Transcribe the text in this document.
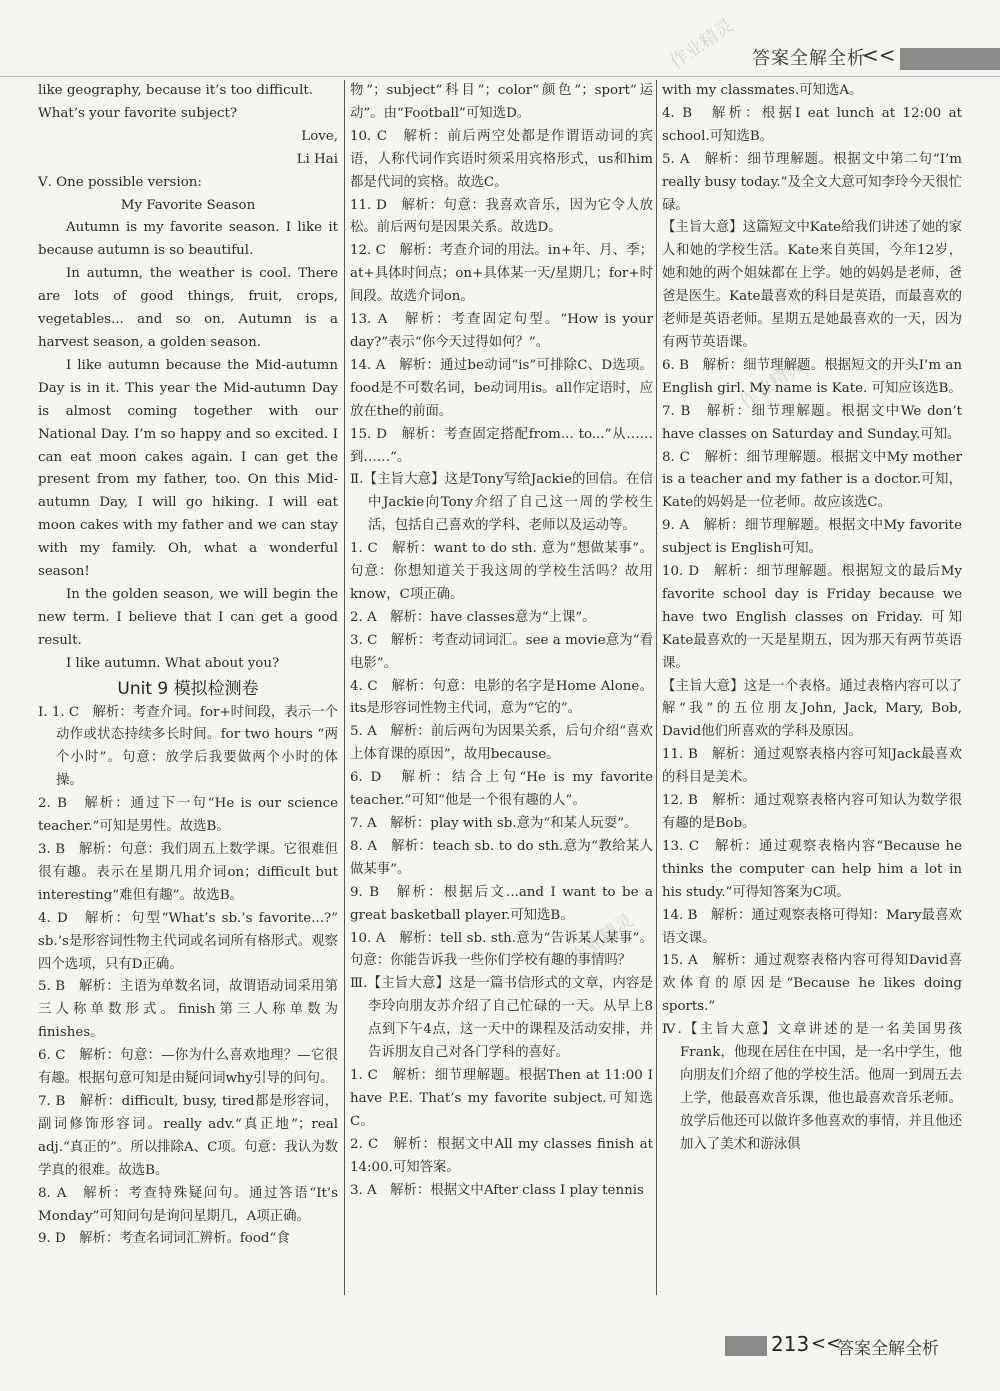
答案全解全析
<<
作业精灵
作业精灵
作业精灵

like geography, because it’s too difficult.

What’s your favorite subject?

Love,

Li Hai

Ⅴ. One possible version:

My Favorite Season

Autumn is my favorite season. I like it because autumn is so beautiful.

In autumn, the weather is cool. There are lots of good things, fruit, crops, vegetables... and so on. Autumn is a harvest season, a golden season.

I like autumn because the Mid-autumn Day is in it. This year the Mid-autumn Day is almost coming together with our National Day. I’m so happy and so excited. I can eat moon cakes again. I can get the present from my father, too. On this Mid-autumn Day, I will go hiking. I will eat moon cakes with my father and we can stay with my family. Oh, what a wonderful season!

In the golden season, we will begin the new term. I believe that I can get a good result.

I like autumn. What about you?

Unit 9 模拟检测卷

Ⅰ. 1. C　解析：考查介词。for+时间段，表示一个动作或状态持续多长时间。for two hours “两个小时”。句意：放学后我要做两个小时的体操。

2. B　解析：通过下一句“He is our science teacher.”可知是男性。故选B。

3. B　解析：句意：我们周五上数学课。它很难但很有趣。表示在星期几用介词on；difficult but interesting“难但有趣”。故选B。

4. D　解析：句型“What’s sb.’s favorite...?” sb.’s是形容词性物主代词或名词所有格形式。观察四个选项，只有D正确。

5. B　解析：主语为单数名词，故谓语动词采用第三人称单数形式。finish第三人称单数为finishes。

6. C　解析：句意：—你为什么喜欢地理？—它很有趣。根据句意可知是由疑问词why引导的问句。

7. B　解析：difficult, busy, tired都是形容词，副词修饰形容词。really adv.“真正地”；real adj.“真正的”。所以排除A、C项。句意：我认为数学真的很难。故选B。

8. A　解析：考查特殊疑问句。通过答语“It’s Monday”可知问句是询问星期几，A项正确。

9. D　解析：考查名词词汇辨析。food“食

物”；subject“科目”；color“颜色”；sport“运动”。由“Football”可知选D。

10. C　解析：前后两空处都是作谓语动词的宾语，人称代词作宾语时须采用宾格形式，us和him都是代词的宾格。故选C。

11. D　解析：句意：我喜欢音乐，因为它令人放松。前后两句是因果关系。故选D。

12. C　解析：考查介词的用法。in+年、月、季；at+具体时间点；on+具体某一天/星期几；for+时间段。故选介词on。

13. A　解析：考查固定句型。“How is your day?”表示“你今天过得如何？”。

14. A　解析：通过be动词“is”可排除C、D选项。food是不可数名词，be动词用is。all作定语时，应放在the的前面。

15. D　解析：考查固定搭配from... to...“从……到……”。

Ⅱ.【主旨大意】这是Tony写给Jackie的回信。在信中Jackie向Tony介绍了自己这一周的学校生活，包括自己喜欢的学科、老师以及运动等。

1. C　解析：want to do sth. 意为“想做某事”。句意：你想知道关于我这周的学校生活吗？故用know，C项正确。

2. A　解析：have classes意为“上课”。

3. C　解析：考查动词词汇。see a movie意为“看电影”。

4. C　解析：句意：电影的名字是Home Alone。its是形容词性物主代词，意为“它的”。

5. A　解析：前后两句为因果关系，后句介绍“喜欢上体育课的原因”，故用because。

6. D　解析：结合上句“He is my favorite teacher.”可知“他是一个很有趣的人”。

7. A　解析：play with sb.意为“和某人玩耍”。

8. A　解析：teach sb. to do sth.意为“教给某人做某事”。

9. B　解析：根据后文...and I want to be a great basketball player.可知选B。

10. A　解析：tell sb. sth.意为“告诉某人某事”。句意：你能告诉我一些你们学校有趣的事情吗？

Ⅲ.【主旨大意】这是一篇书信形式的文章，内容是李玲向朋友苏介绍了自己忙碌的一天。从早上8点到下午4点，这一天中的课程及活动安排，并告诉朋友自己对各门学科的喜好。

1. C　解析：细节理解题。根据Then at 11:00 I have P.E. That’s my favorite subject.可知选C。

2. C　解析：根据文中All my classes finish at 14:00.可知答案。

3. A　解析：根据文中After class I play tennis

with my classmates.可知选A。

4. B　解析：根据I eat lunch at 12:00 at school.可知选B。

5. A　解析：细节理解题。根据文中第二句“I’m really busy today.”及全文大意可知李玲今天很忙碌。

【主旨大意】这篇短文中Kate给我们讲述了她的家人和她的学校生活。Kate来自英国，今年12岁，她和她的两个姐妹都在上学。她的妈妈是老师，爸爸是医生。Kate最喜欢的科目是英语，而最喜欢的老师是英语老师。星期五是她最喜欢的一天，因为有两节英语课。

6. B　解析：细节理解题。根据短文的开头I’m an English girl. My name is Kate. 可知应该选B。

7. B　解析：细节理解题。根据文中We don’t have classes on Saturday and Sunday.可知。

8. C　解析：细节理解题。根据文中My mother is a teacher and my father is a doctor.可知，Kate的妈妈是一位老师。故应该选C。

9. A　解析：细节理解题。根据文中My favorite subject is English可知。

10. D　解析：细节理解题。根据短文的最后My favorite school day is Friday because we have two English classes on Friday. 可知Kate最喜欢的一天是星期五，因为那天有两节英语课。

【主旨大意】这是一个表格。通过表格内容可以了解“我”的五位朋友John, Jack, Mary, Bob, David他们所喜欢的学科及原因。

11. B　解析：通过观察表格内容可知Jack最喜欢的科目是美术。

12. B　解析：通过观察表格内容可知认为数学很有趣的是Bob。

13. C　解析：通过观察表格内容“Because he thinks the computer can help him a lot in his study.”可得知答案为C项。

14. B　解析：通过观察表格可得知：Mary最喜欢语文课。

15. A　解析：通过观察表格内容可得知David喜欢体育的原因是“Because he likes doing sports.”

Ⅳ.【主旨大意】文章讲述的是一名美国男孩Frank，他现在居住在中国，是一名中学生，他向朋友们介绍了他的学校生活。他周一到周五去上学，他最喜欢音乐课，他也最喜欢音乐老师。放学后他还可以做许多他喜欢的事情，并且他还加入了美术和游泳俱

213 <<
答案全解全析
